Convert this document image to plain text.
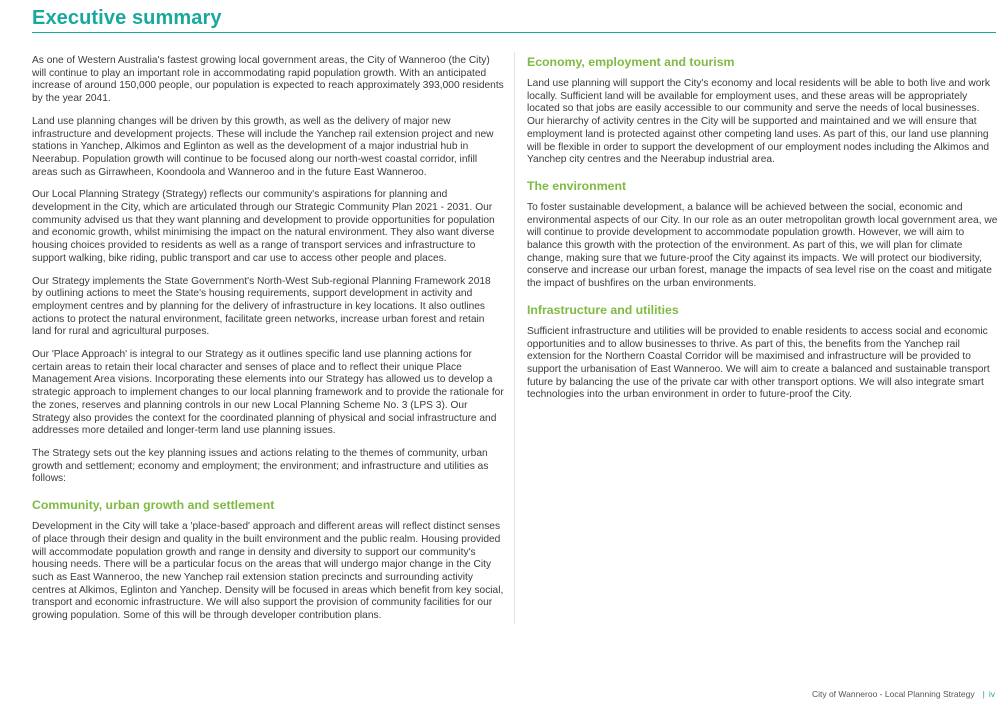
Executive summary

As one of Western Australia's fastest growing local government areas, the City of Wanneroo (the City) will continue to play an important role in accommodating rapid population growth. With an anticipated increase of around 150,000 people, our population is expected to reach approximately 393,000 residents by the year 2041.

Land use planning changes will be driven by this growth, as well as the delivery of major new infrastructure and development projects. These will include the Yanchep rail extension project and new stations in Yanchep, Alkimos and Eglinton as well as the development of a major industrial hub in Neerabup. Population growth will continue to be focused along our north-west coastal corridor, infill areas such as Girrawheen, Koondoola and Wanneroo and in the future East Wanneroo.

Our Local Planning Strategy (Strategy) reflects our community's aspirations for planning and development in the City, which are articulated through our Strategic Community Plan 2021 - 2031. Our community advised us that they want planning and development to provide opportunities for population and economic growth, whilst minimising the impact on the natural environment. They also want diverse housing choices provided to residents as well as a range of transport services and infrastructure to support walking, bike riding, public transport and car use to access other people and places.

Our Strategy implements the State Government's North-West Sub-regional Planning Framework 2018 by outlining actions to meet the State's housing requirements, support development in activity and employment centres and by planning for the delivery of infrastructure in key locations. It also outlines actions to protect the natural environment, facilitate green networks, increase urban forest and retain land for rural and agricultural purposes.

Our 'Place Approach' is integral to our Strategy as it outlines specific land use planning actions for certain areas to retain their local character and senses of place and to reflect their unique Place Management Area visions. Incorporating these elements into our Strategy has allowed us to develop a strategic approach to implement changes to our local planning framework and to provide the rationale for the zones, reserves and planning controls in our new Local Planning Scheme No. 3 (LPS 3). Our Strategy also provides the context for the coordinated planning of physical and social infrastructure and addresses more detailed and longer-term land use planning issues.

The Strategy sets out the key planning issues and actions relating to the themes of community, urban growth and settlement; economy and employment; the environment; and infrastructure and utilities as follows:

Community, urban growth and settlement

Development in the City will take a 'place-based' approach and different areas will reflect distinct senses of place through their design and quality in the built environment and the public realm. Housing provided will accommodate population growth and range in density and diversity to support our community's housing needs. There will be a particular focus on the areas that will undergo major change in the City such as East Wanneroo, the new Yanchep rail extension station precincts and surrounding activity centres at Alkimos, Eglinton and Yanchep. Density will be focused in areas which benefit from key social, transport and economic infrastructure. We will also support the provision of community facilities for our growing population. Some of this will be through developer contribution plans.

Economy, employment and tourism

Land use planning will support the City's economy and local residents will be able to both live and work locally. Sufficient land will be available for employment uses, and these areas will be appropriately located so that jobs are easily accessible to our community and serve the needs of local businesses. Our hierarchy of activity centres in the City will be supported and maintained and we will ensure that employment land is protected against other competing land uses. As part of this, our land use planning will be flexible in order to support the development of our employment nodes including the Alkimos and Yanchep city centres and the Neerabup industrial area.

The environment

To foster sustainable development, a balance will be achieved between the social, economic and environmental aspects of our City. In our role as an outer metropolitan growth local government area, we will continue to provide development to accommodate population growth. However, we will aim to balance this growth with the protection of the environment. As part of this, we will plan for climate change, making sure that we future-proof the City against its impacts. We will protect our biodiversity, conserve and increase our urban forest, manage the impacts of sea level rise on the coast and mitigate the impact of bushfires on the urban environments.

Infrastructure and utilities

Sufficient infrastructure and utilities will be provided to enable residents to access social and economic opportunities and to allow businesses to thrive. As part of this, the benefits from the Yanchep rail extension for the Northern Coastal Corridor will be maximised and infrastructure will be provided to support the urbanisation of East Wanneroo. We will aim to create a balanced and sustainable transport future by balancing the use of the private car with other transport options. We will also integrate smart technologies into the urban environment in order to future-proof the City.

City of Wanneroo - Local Planning Strategy | iv
